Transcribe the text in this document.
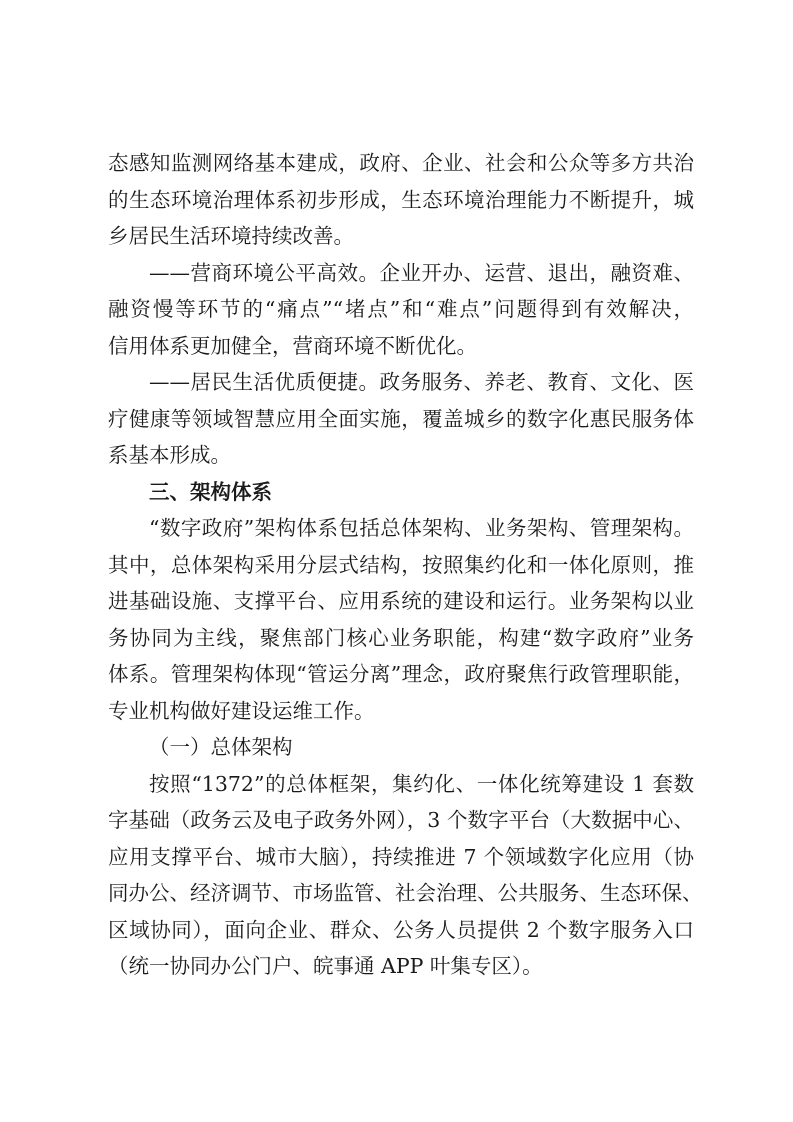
态感知监测网络基本建成，政府、企业、社会和公众等多方共治
的生态环境治理体系初步形成，生态环境治理能力不断提升，城
乡居民生活环境持续改善。
——营商环境公平高效。企业开办、运营、退出，融资难、
融资慢等环节的“痛点”“堵点”和“难点”问题得到有效解决，
信用体系更加健全，营商环境不断优化。
——居民生活优质便捷。政务服务、养老、教育、文化、医
疗健康等领域智慧应用全面实施，覆盖城乡的数字化惠民服务体
系基本形成。
三、架构体系
“数字政府”架构体系包括总体架构、业务架构、管理架构。
其中，总体架构采用分层式结构，按照集约化和一体化原则，推
进基础设施、支撑平台、应用系统的建设和运行。业务架构以业
务协同为主线，聚焦部门核心业务职能，构建“数字政府”业务
体系。管理架构体现“管运分离”理念，政府聚焦行政管理职能，
专业机构做好建设运维工作。
（一）总体架构
按照“1372”的总体框架，集约化、一体化统筹建设 1 套数
字基础（政务云及电子政务外网），3 个数字平台（大数据中心、
应用支撑平台、城市大脑），持续推进 7 个领域数字化应用（协
同办公、经济调节、市场监管、社会治理、公共服务、生态环保、
区域协同），面向企业、群众、公务人员提供 2 个数字服务入口
（统一协同办公门户、皖事通 APP 叶集专区）。
